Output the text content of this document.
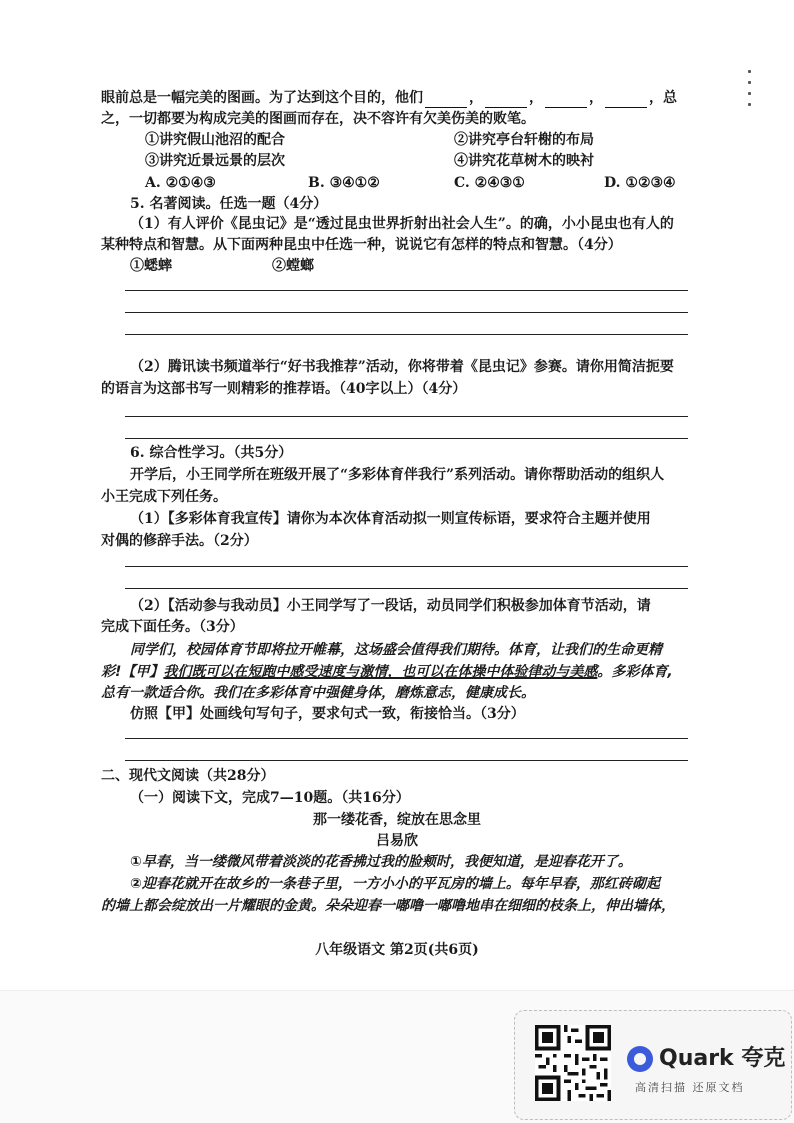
眼前总是一幅完美的图画。为了达到这个目的，他们	，	，	，	，总
之，一切都要为构成完美的图画而存在，决不容许有欠美伤美的败笔。
①讲究假山池沼的配合	②讲究亭台轩榭的布局
③讲究近景远景的层次	④讲究花草树木的映衬
A. ②①④③	B. ③④①②	C. ②④③①	D. ①②③④
5. 名著阅读。任选一题（4分）
（1）有人评价《昆虫记》是“透过昆虫世界折射出社会人生”。的确，小小昆虫也有人的
某种特点和智慧。从下面两种昆虫中任选一种，说说它有怎样的特点和智慧。（4分）
①蟋蟀	②螳螂
（2）腾讯读书频道举行“好书我推荐”活动，你将带着《昆虫记》参赛。请你用简洁扼要
的语言为这部书写一则精彩的推荐语。（40字以上）（4分）
6. 综合性学习。（共5分）
开学后，小王同学所在班级开展了“多彩体育伴我行”系列活动。请你帮助活动的组织人
小王完成下列任务。
（1）【多彩体育我宣传】请你为本次体育活动拟一则宣传标语，要求符合主题并使用
对偶的修辞手法。（2分）
（2）【活动参与我动员】小王同学写了一段话，动员同学们积极参加体育节活动，请
完成下面任务。（3分）
同学们，校园体育节即将拉开帷幕，这场盛会值得我们期待。体育，让我们的生命更精
彩!【甲】我们既可以在短跑中感受速度与激情，也可以在体操中体验律动与美感。多彩体育,
总有一款适合你。我们在多彩体育中强健身体，磨炼意志，健康成长。
仿照【甲】处画线句写句子，要求句式一致，衔接恰当。（3分）
二、现代文阅读（共28分）
（一）阅读下文，完成7—10题。（共16分）
那一缕花香，绽放在思念里
吕易欣
①早春，当一缕微风带着淡淡的花香拂过我的脸颊时，我便知道，是迎春花开了。
②迎春花就开在故乡的一条巷子里，一方小小的平瓦房的墙上。每年早春，那红砖砌起
的墙上都会绽放出一片耀眼的金黄。朵朵迎春一嘟噜一嘟噜地串在细细的枝条上，伸出墙体，
八年级语文 第2页(共6页)
Quark 夸克
高清扫描 还原文档
